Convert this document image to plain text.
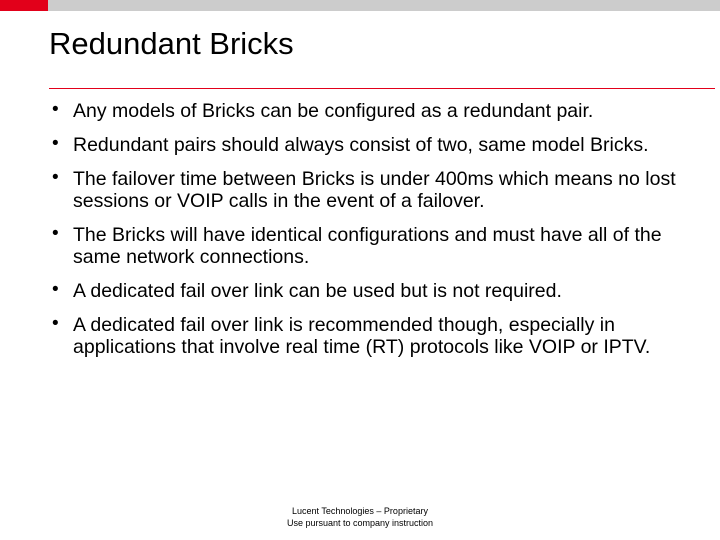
Redundant Bricks
• Any models of Bricks can be configured as a redundant pair.
• Redundant pairs should always consist of two, same model Bricks.
• The failover time between Bricks is under 400ms which means no lost sessions or VOIP calls in the event of a failover.
• The Bricks will have identical configurations and must have all of the same network connections.
• A dedicated fail over link can be used but is not required.
• A dedicated fail over link is recommended though, especially in applications that involve real time (RT) protocols like VOIP or IPTV.
Lucent Technologies – Proprietary
Use pursuant to company instruction
